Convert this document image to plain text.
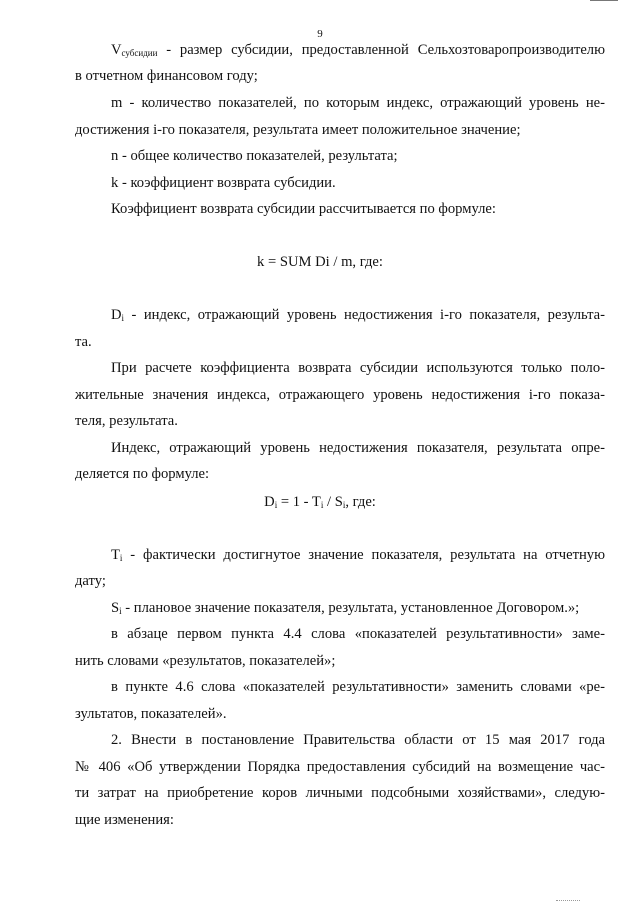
9
$V_{субсидии}$ - размер субсидии, предоставленной Сельхозтоваропроизводителю
в отчетном финансовом году;
m - количество показателей, по которым индекс, отражающий уровень не-
достижения i-го показателя, результата имеет положительное значение;
n - общее количество показателей, результата;
k - коэффициент возврата субсидии.
Коэффициент возврата субсидии рассчитывается по формуле:
k = SUM Di / m, где:
$D_i$ - индекс, отражающий уровень недостижения i-го показателя, результа-
та.
При расчете коэффициента возврата субсидии используются только поло-
жительные значения индекса, отражающего уровень недостижения i-го показа-
теля, результата.
Индекс, отражающий уровень недостижения показателя, результата опре-
деляется по формуле:
$D_i = 1 - T_i / S_i$, где:
$T_i$ - фактически достигнутое значение показателя, результата на отчетную
дату;
$S_i$ - плановое значение показателя, результата, установленное Договором.»;
в абзаце первом пункта 4.4 слова «показателей результативности» заме-
нить словами «результатов, показателей»;
в пункте 4.6 слова «показателей результативности» заменить словами «ре-
зультатов, показателей».
2. Внести в постановление Правительства области от 15 мая 2017 года
№ 406 «Об утверждении Порядка предоставления субсидий на возмещение час-
ти затрат на приобретение коров личными подсобными хозяйствами», следую-
щие изменения:
